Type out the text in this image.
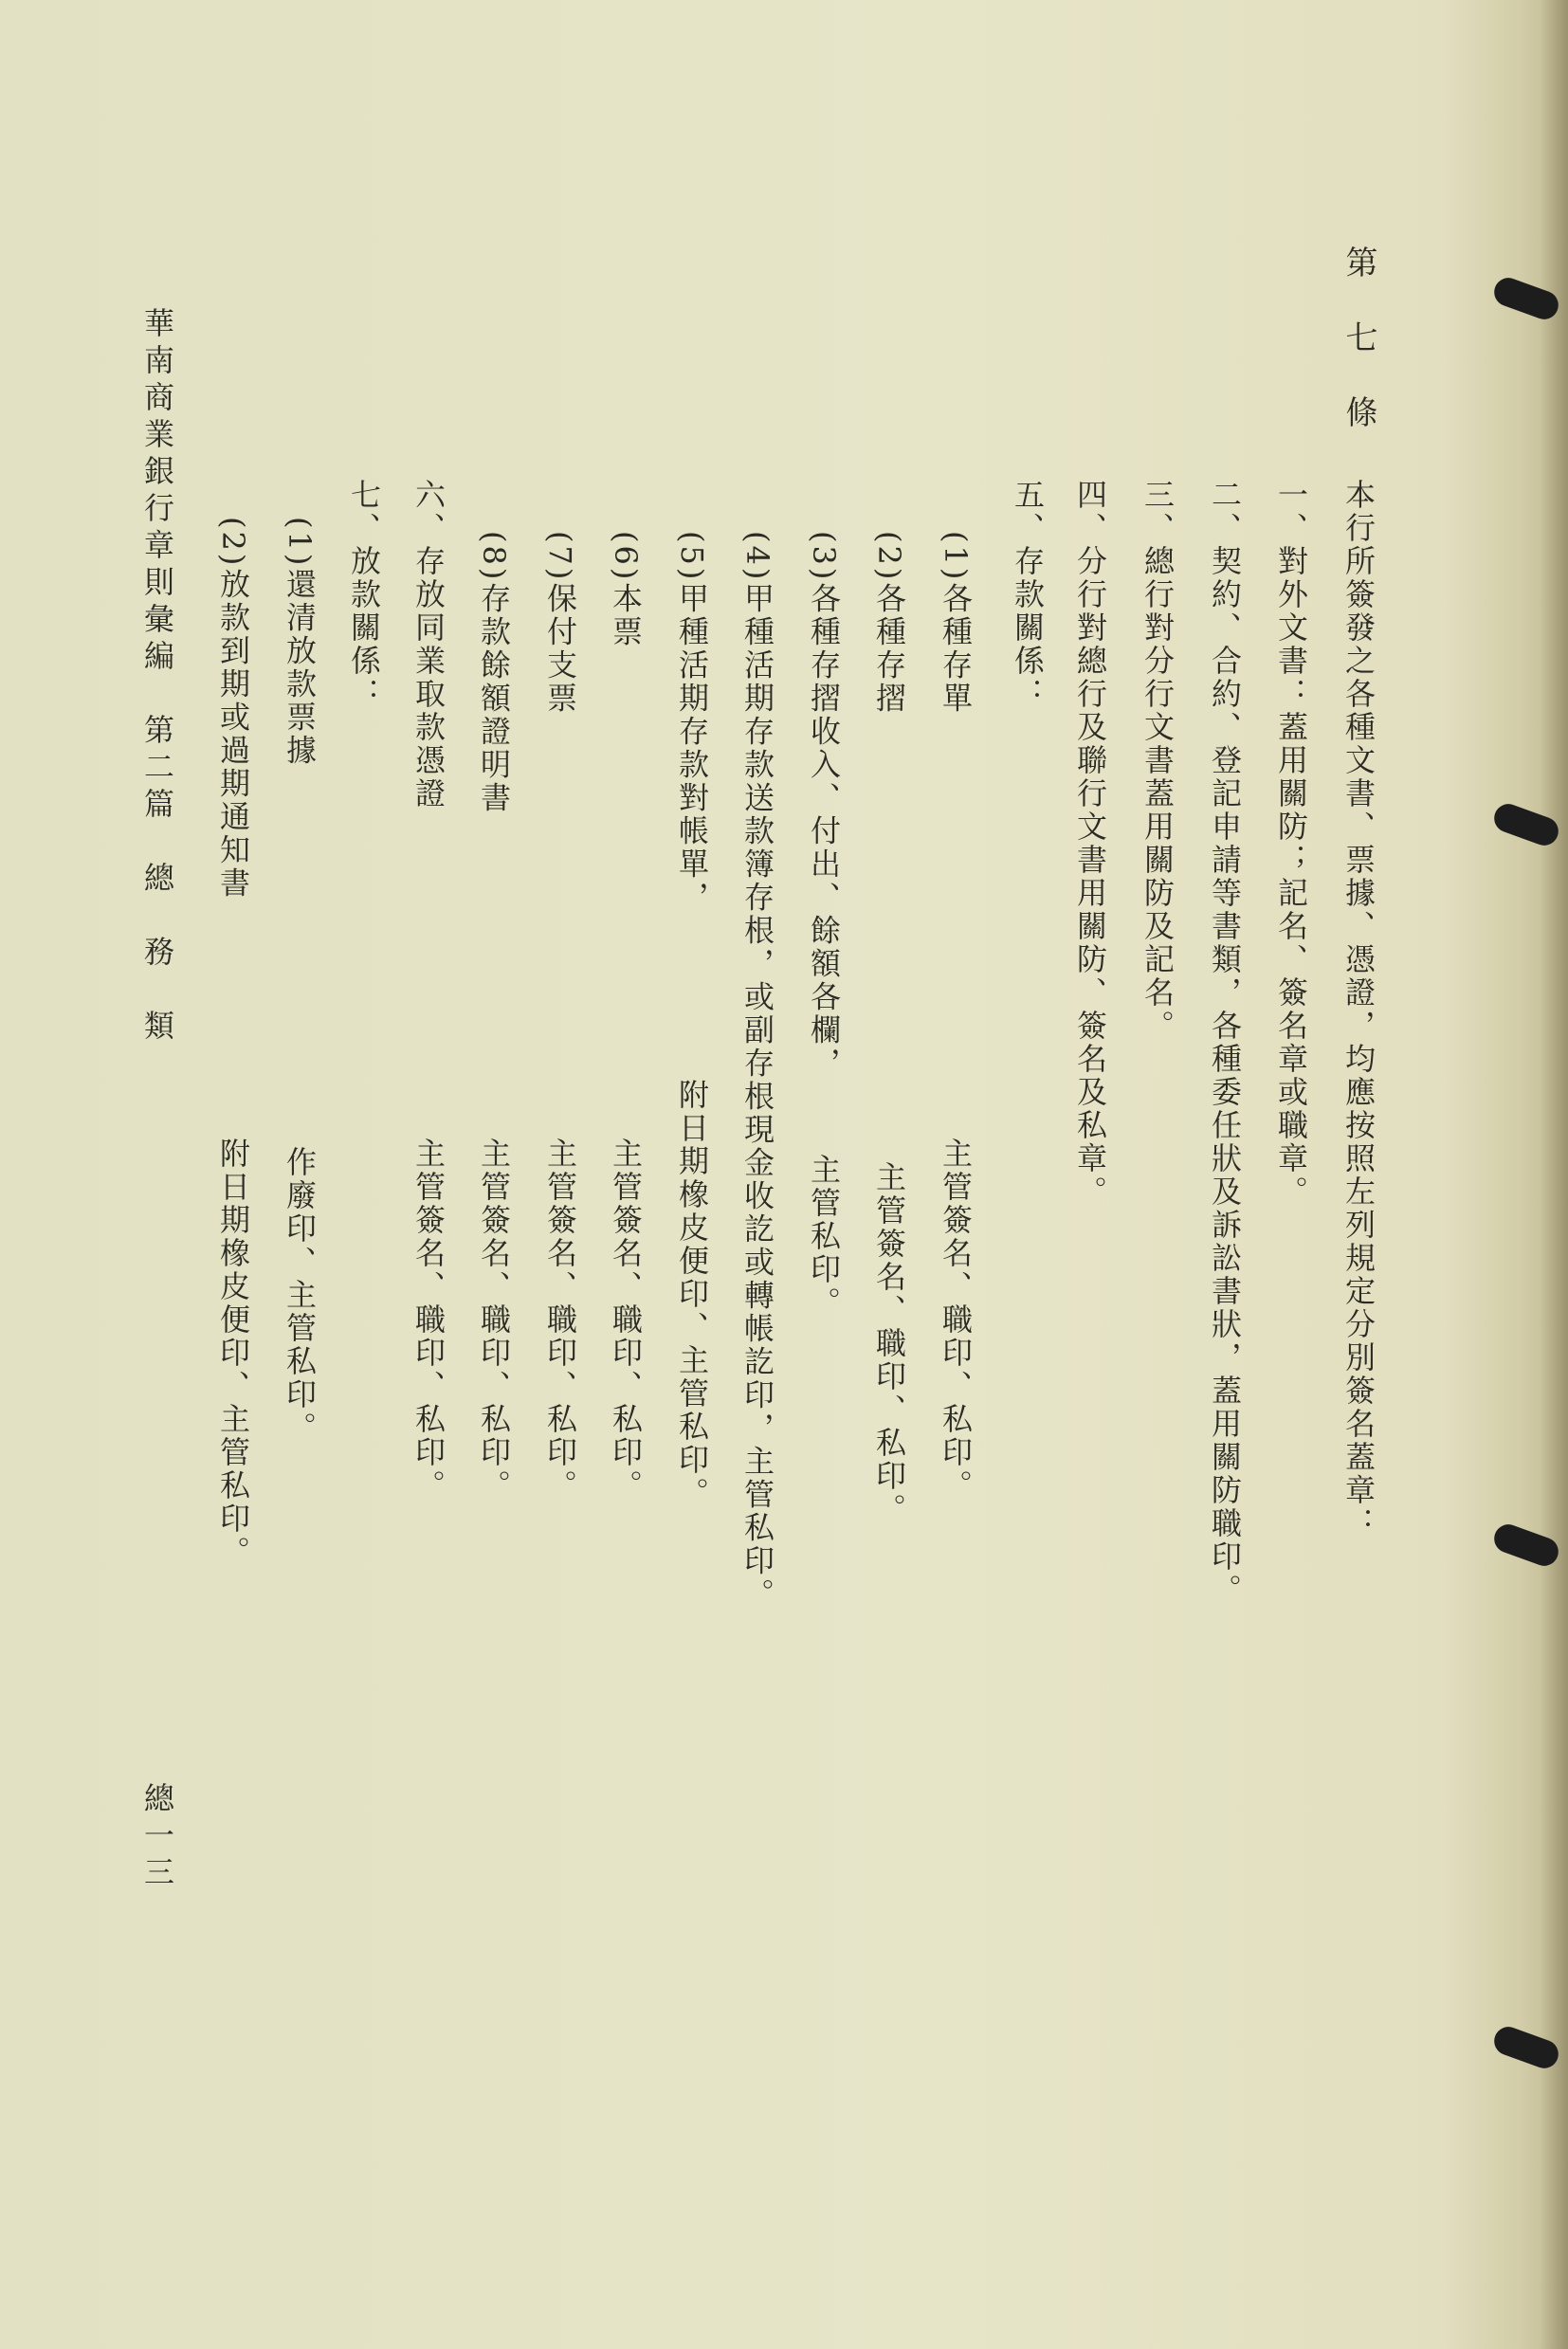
第七條
本行所簽發之各種文書、票據、憑證，均應按照左列規定分別簽名蓋章：
一、對外文書：蓋用關防；記名、簽名章或職章。
二、契約、合約、登記申請等書類，各種委任狀及訴訟書狀，蓋用關防職印。
三、總行對分行文書蓋用關防及記名。
四、分行對總行及聯行文書用關防、簽名及私章。
五、存款關係：
(1)各種存單
主管簽名、職印、私印。
(2)各種存摺
主管簽名、職印、私印。
(3)各種存摺收入、付出、餘額各欄，
主管私印。
(4)甲種活期存款送款簿存根，或副存根現金收訖或轉帳訖印，主管私印。
(5)甲種活期存款對帳單，
附日期橡皮便印、主管私印。
(6)本票
主管簽名、職印、私印。
(7)保付支票
主管簽名、職印、私印。
(8)存款餘額證明書
主管簽名、職印、私印。
六、存放同業取款憑證
主管簽名、職印、私印。
七、放款關係：
(1)還清放款票據
作廢印、主管私印。
(2)放款到期或過期通知書
附日期橡皮便印、主管私印。
華南商業銀行章則彙編　第二篇　總　務　類
總一三
